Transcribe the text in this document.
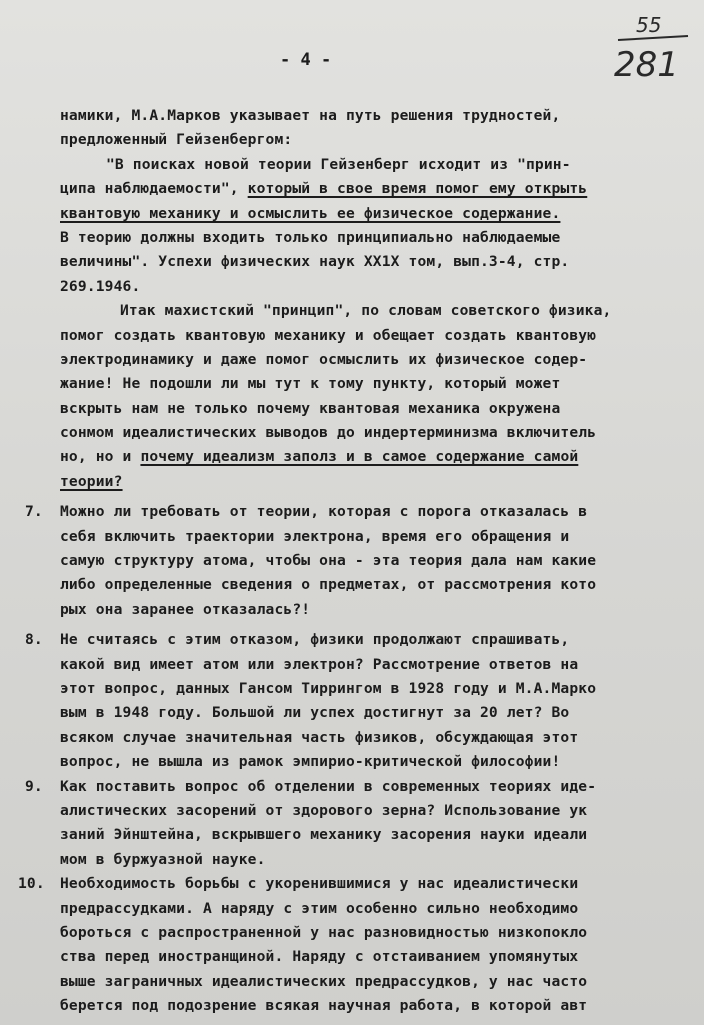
- 4 -
55
281
намики, М.А.Марков указывает на путь решения трудностей,
предложенный Гейзенбергом:
"В поисках новой теории Гейзенберг исходит из "прин-
ципа наблюдаемости", который в свое время помог ему открыть
квантовую механику и осмыслить ее физическое содержание.
В теорию должны входить только принципиально наблюдаемые
величины". Успехи физических наук ХХ1Х том, вып.3-4, стр.
269.1946.
Итак махистский "принцип", по словам советского физика,
помог создать квантовую механику и обещает создать квантовую
электродинамику и даже помог осмыслить их физическое содер-
жание! Не подошли ли мы тут к тому пункту, который может
вскрыть нам не только почему квантовая механика окружена
сонмом идеалистических выводов до индертерминизма включитель
но, но и почему идеализм заполз и в самое содержание самой
теории?
7. Можно ли требовать от теории, которая с порога отказалась в
себя включить траектории электрона, время его обращения и
самую структуру атома, чтобы она - эта теория дала нам какие
либо определенные сведения о предметах, от рассмотрения кото
рых она заранее отказалась?!
8. Не считаясь с этим отказом, физики продолжают спрашивать,
какой вид имеет атом или электрон? Рассмотрение ответов на
этот вопрос, данных Гансом Тиррингом в 1928 году и М.А.Марко
вым в 1948 году. Большой ли успех достигнут за 20 лет? Во
всяком случае значительная часть физиков, обсуждающая этот
вопрос, не вышла из рамок эмпирио-критической философии!
9. Как поставить вопрос об отделении в современных теориях иде-
алистических засорений от здорового зерна? Использование ук
заний Эйнштейна, вскрывшего механику засорения науки идеали
мом в буржуазной науке.
10. Необходимость борьбы с укоренившимися у нас идеалистически
предрассудками. А наряду с этим особенно сильно необходимо
бороться с распространенной у нас разновидностью низкопокло
ства перед иностранщиной. Наряду с отстаиванием упомянутых
выше заграничных идеалистических предрассудков, у нас часто
берется под подозрение всякая научная работа, в которой авт
